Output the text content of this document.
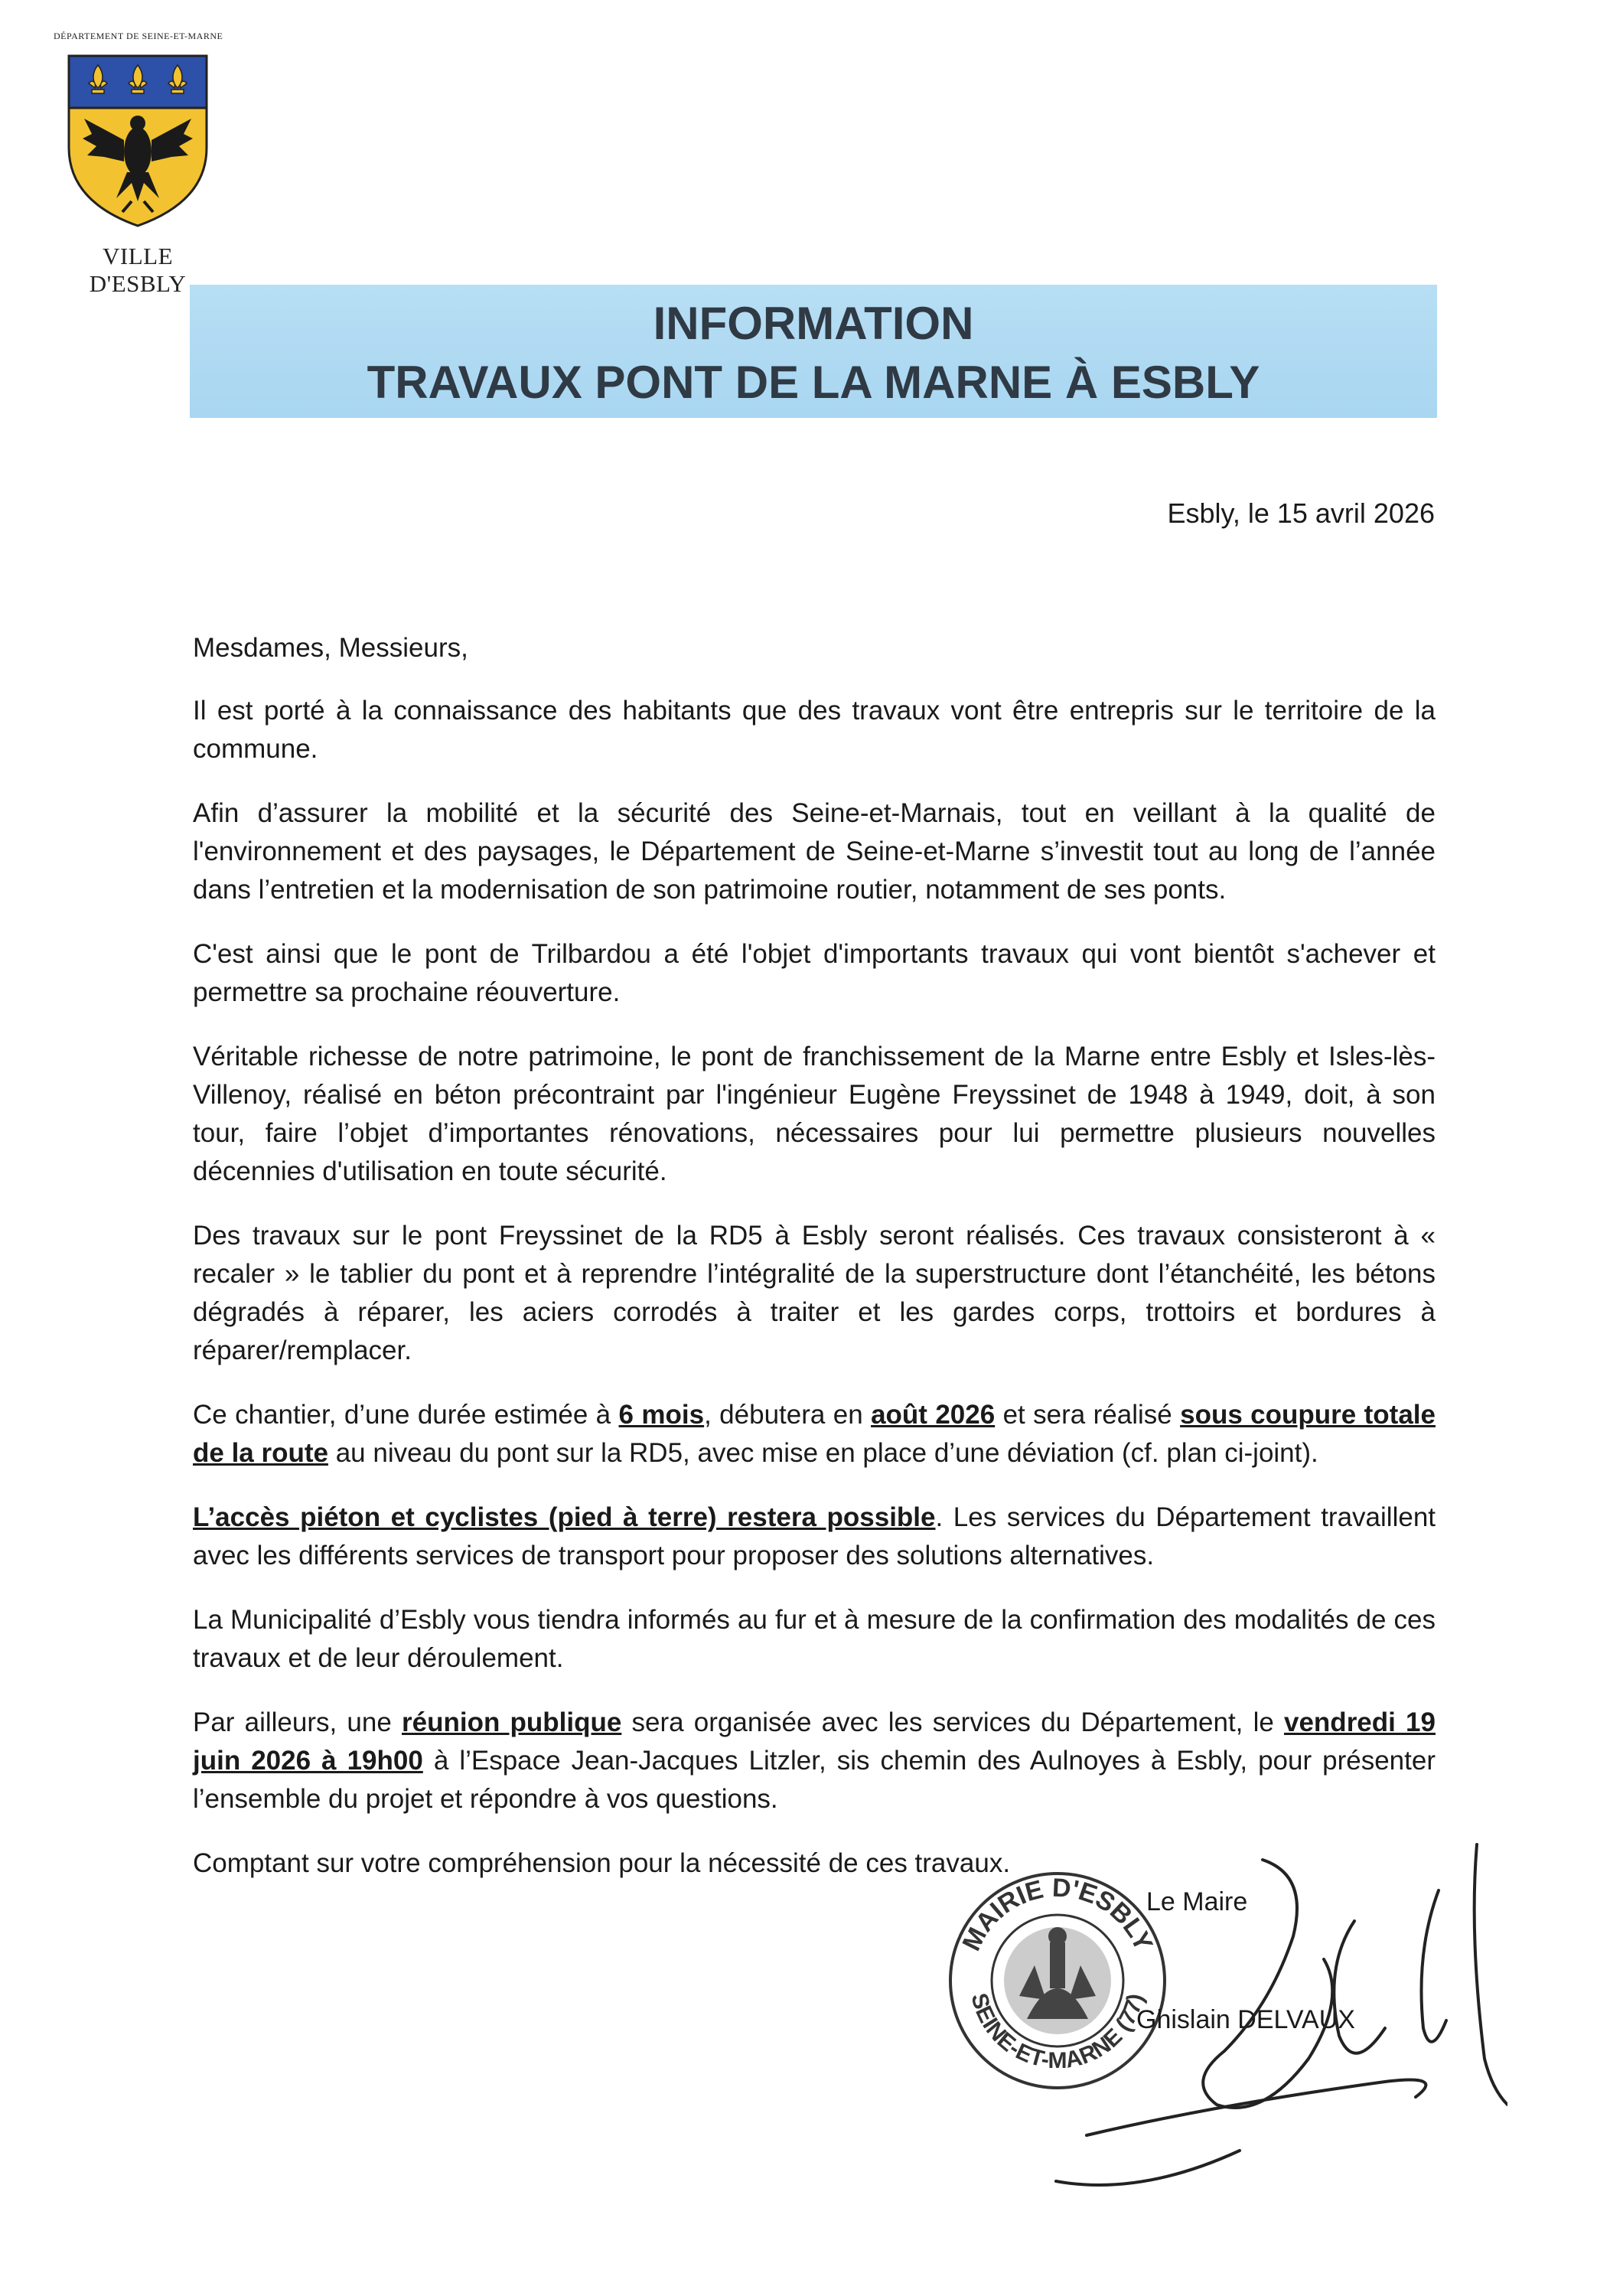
DÉPARTEMENT DE SEINE-ET-MARNE
VILLE D'ESBLY
INFORMATION
TRAVAUX PONT DE LA MARNE À ESBLY
Esbly, le 15 avril 2026

Mesdames, Messieurs,

Il est porté à la connaissance des habitants que des travaux vont être entrepris sur le territoire de la commune.

Afin d’assurer la mobilité et la sécurité des Seine-et-Marnais, tout en veillant à la qualité de l'environnement et des paysages, le Département de Seine-et-Marne s’investit tout au long de l’année dans l’entretien et la modernisation de son patrimoine routier, notamment de ses ponts.

C'est ainsi que le pont de Trilbardou a été l'objet d'importants travaux qui vont bientôt s'achever et permettre sa prochaine réouverture.

Véritable richesse de notre patrimoine, le pont de franchissement de la Marne entre Esbly et Isles-lès-Villenoy, réalisé en béton précontraint par l'ingénieur Eugène Freyssinet de 1948 à 1949, doit, à son tour, faire l’objet d’importantes rénovations, nécessaires pour lui permettre plusieurs nouvelles décennies d'utilisation en toute sécurité.

Des travaux sur le pont Freyssinet de la RD5 à Esbly seront réalisés. Ces travaux consisteront à « recaler » le tablier du pont et à reprendre l’intégralité de la superstructure dont l’étanchéité, les bétons dégradés à réparer, les aciers corrodés à traiter et les gardes corps, trottoirs et bordures à réparer/remplacer.

Ce chantier, d’une durée estimée à 6 mois, débutera en août 2026 et sera réalisé sous coupure totale de la route au niveau du pont sur la RD5, avec mise en place d’une déviation (cf. plan ci-joint).

L’accès piéton et cyclistes (pied à terre) restera possible. Les services du Département travaillent avec les différents services de transport pour proposer des solutions alternatives.

La Municipalité d’Esbly vous tiendra informés au fur et à mesure de la confirmation des modalités de ces travaux et de leur déroulement.

Par ailleurs, une réunion publique sera organisée avec les services du Département, le vendredi 19 juin 2026 à 19h00 à l’Espace Jean-Jacques Litzler, sis chemin des Aulnoyes à Esbly, pour présenter l’ensemble du projet et répondre à vos questions.

Comptant sur votre compréhension pour la nécessité de ces travaux.

MAIRIE D'ESBLY
SEINE-ET-MARNE (77)
Le Maire
Ghislain DELVAUX
